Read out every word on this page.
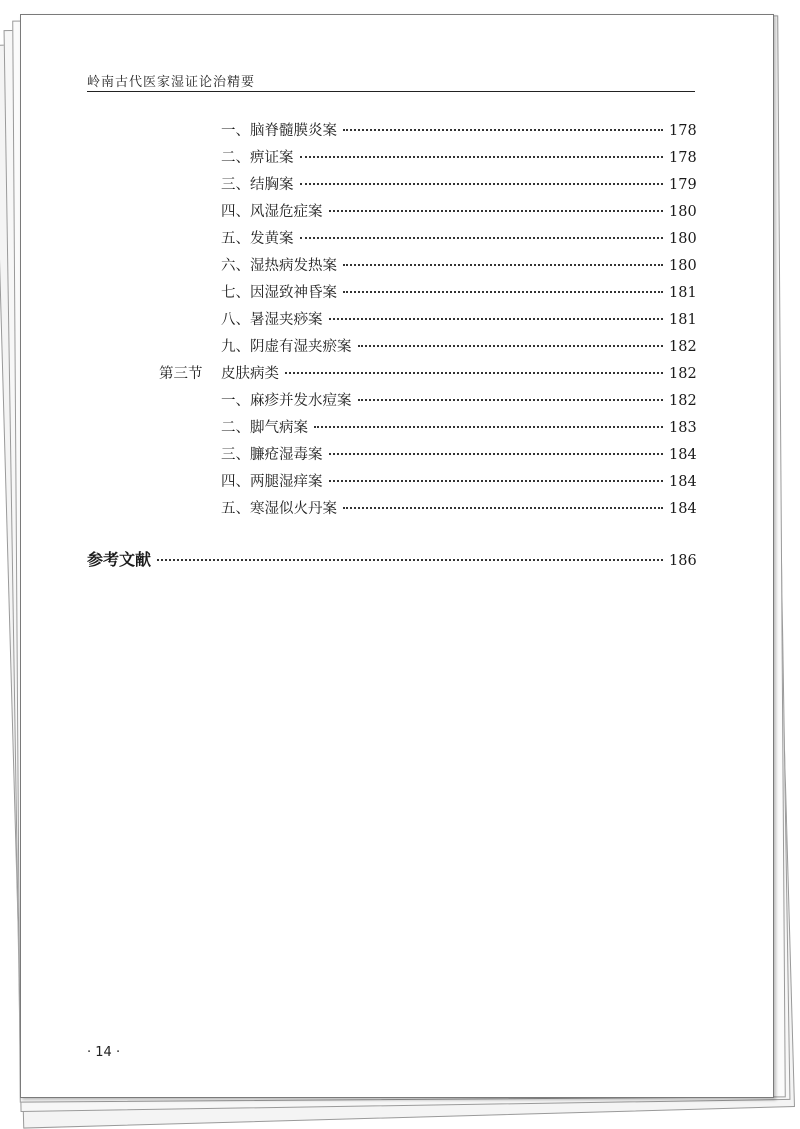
岭南古代医家湿证论治精要
一、脑脊髓膜炎案	178
二、痹证案	178
三、结胸案	179
四、风湿危症案	180
五、发黄案	180
六、湿热病发热案	180
七、因湿致神昏案	181
八、暑湿夹痧案	181
九、阴虚有湿夹瘀案	182
第三节 皮肤病类	182
一、麻疹并发水痘案	182
二、脚气病案	183
三、臁疮湿毒案	184
四、两腿湿痒案	184
五、寒湿似火丹案	184
参考文献	186
· 14 ·
